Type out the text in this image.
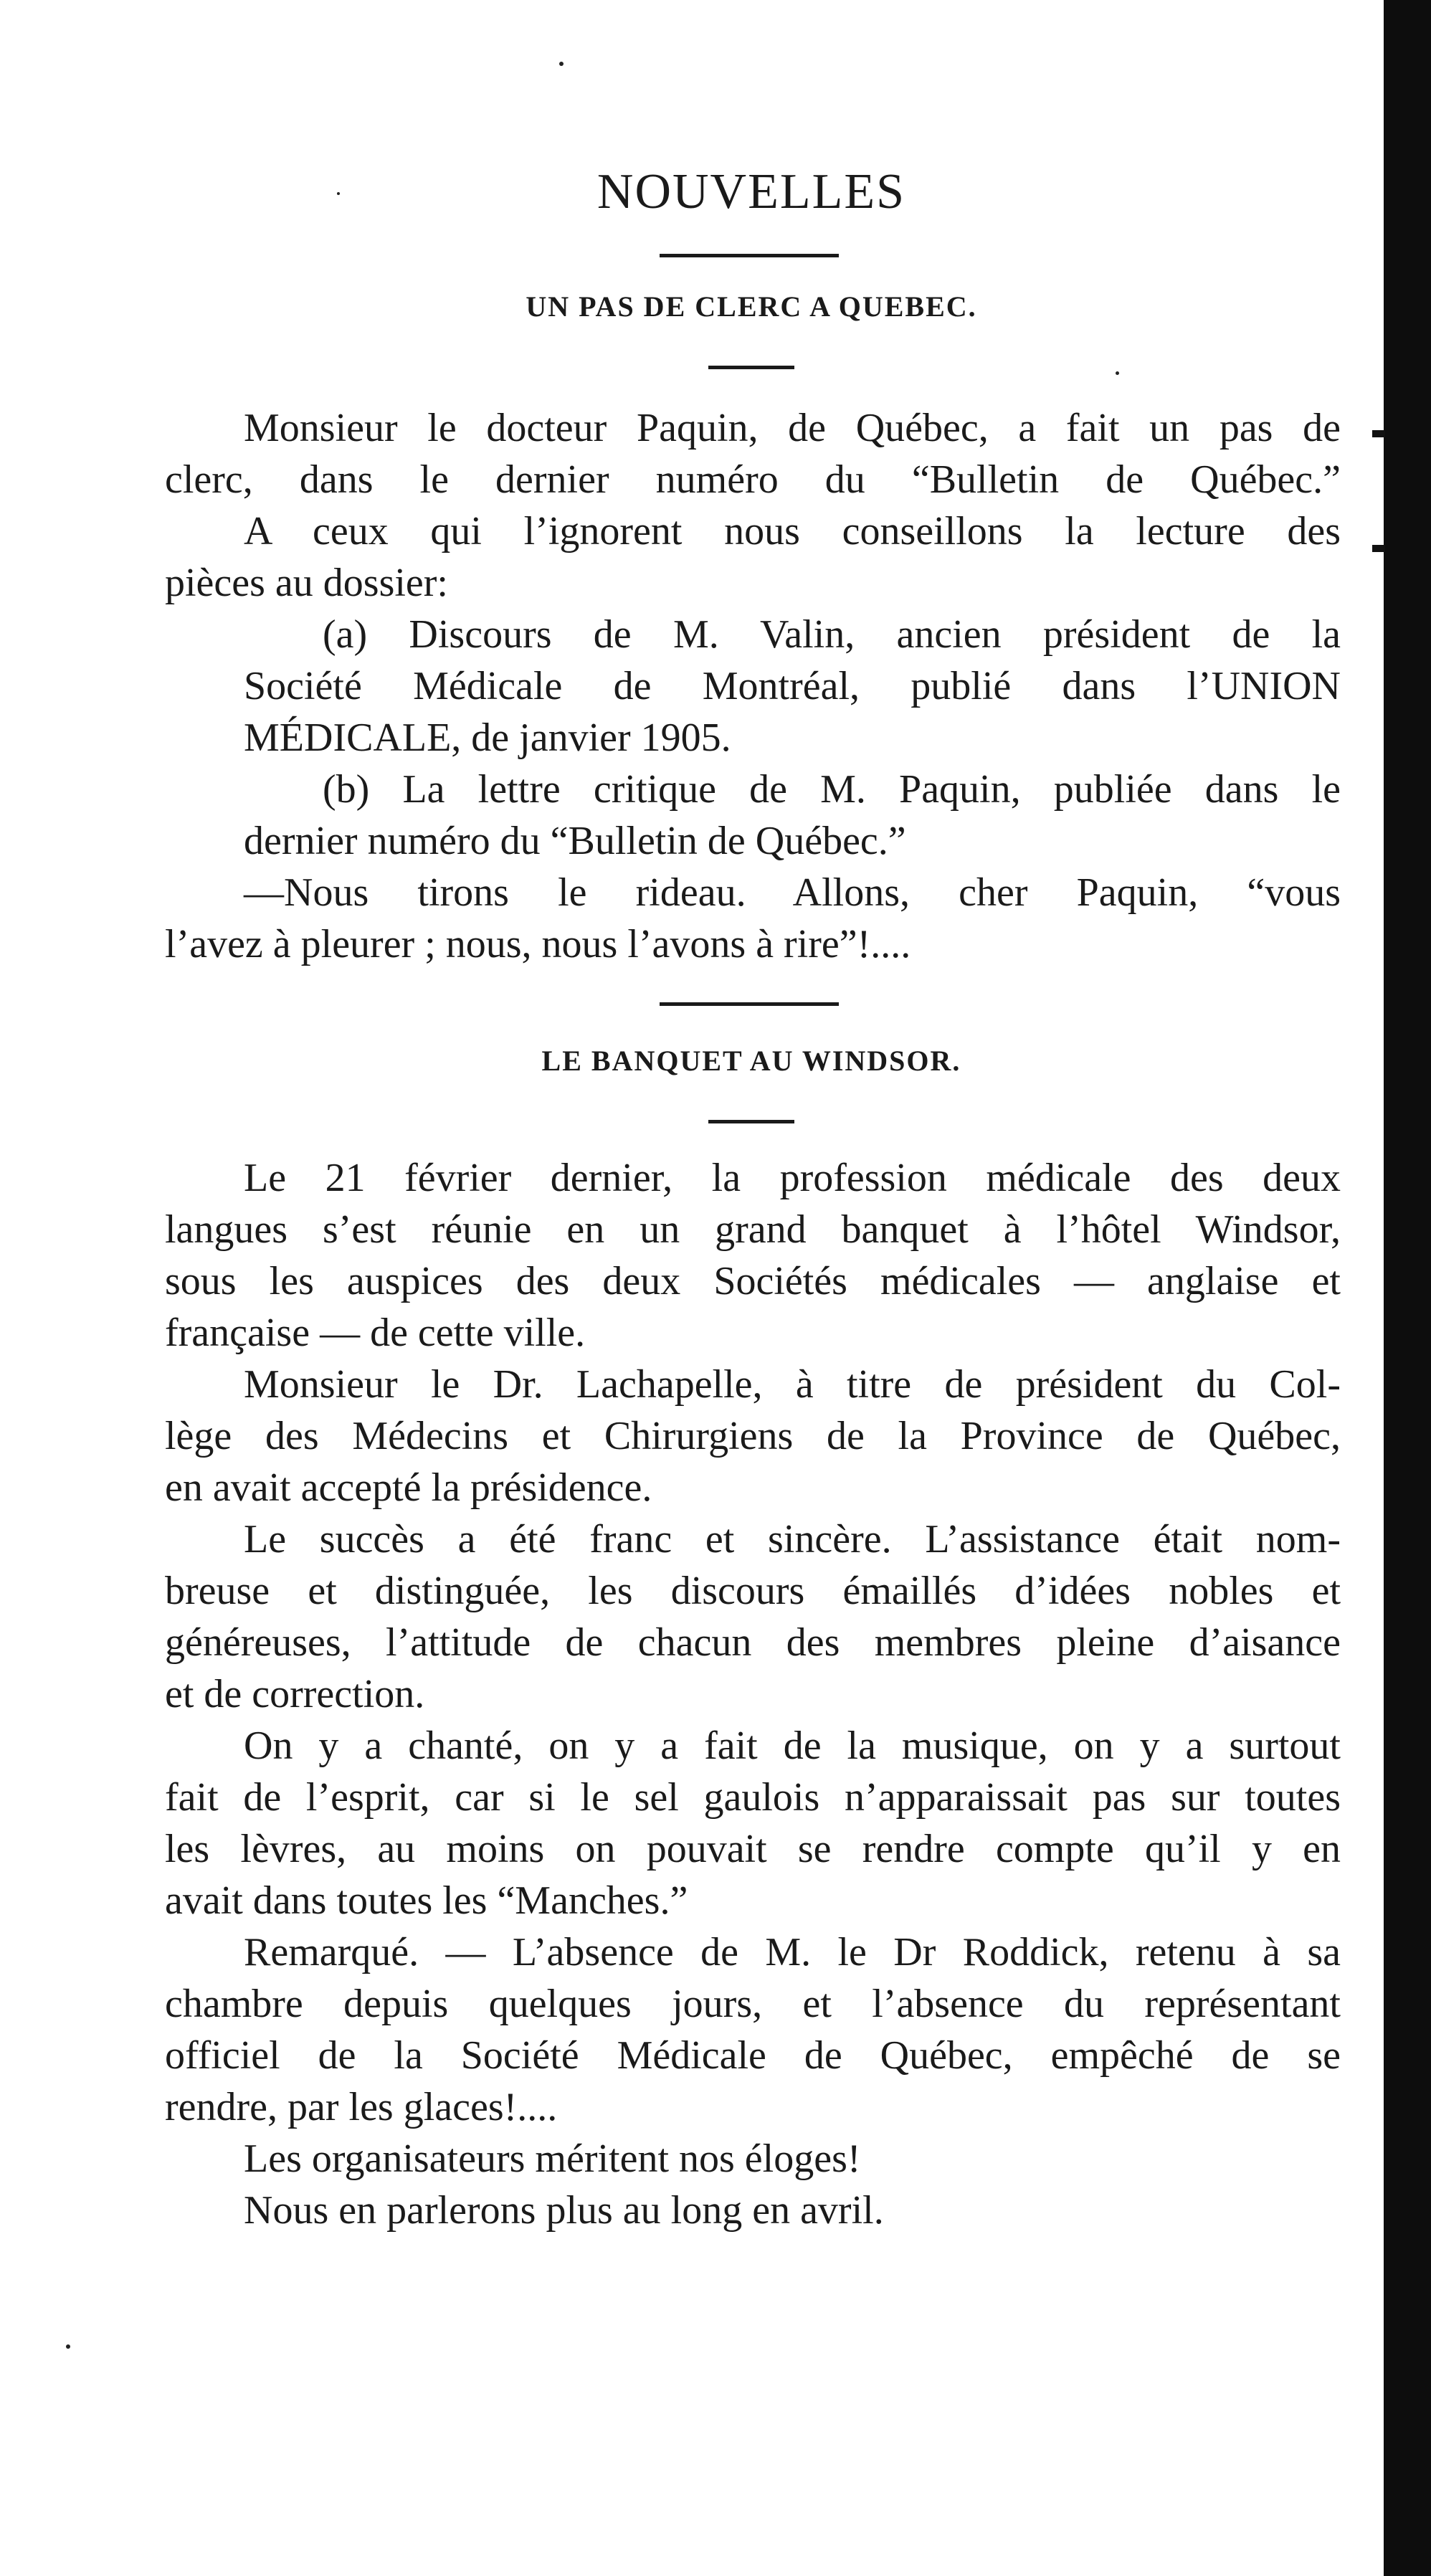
NOUVELLES
UN PAS DE CLERC A QUEBEC.
Monsieur le docteur Paquin, de Québec, a fait un pas de
clerc, dans le dernier numéro du “Bulletin de Québec.”
A ceux qui l’ignorent nous conseillons la lecture des
pièces au dossier:
(a) Discours de M. Valin, ancien président de la
Société Médicale de Montréal, publié dans l’UNION
MÉDICALE, de janvier 1905.
(b) La lettre critique de M. Paquin, publiée dans le
dernier numéro du “Bulletin de Québec.”
—Nous tirons le rideau. Allons, cher Paquin, “vous
l’avez à pleurer ; nous, nous l’avons à rire”!....
LE BANQUET AU WINDSOR.
Le 21 février dernier, la profession médicale des deux
langues s’est réunie en un grand banquet à l’hôtel Windsor,
sous les auspices des deux Sociétés médicales — anglaise et
française — de cette ville.
Monsieur le Dr. Lachapelle, à titre de président du Col-
lège des Médecins et Chirurgiens de la Province de Québec,
en avait accepté la présidence.
Le succès a été franc et sincère. L’assistance était nom-
breuse et distinguée, les discours émaillés d’idées nobles et
généreuses, l’attitude de chacun des membres pleine d’aisance
et de correction.
On y a chanté, on y a fait de la musique, on y a surtout
fait de l’esprit, car si le sel gaulois n’apparaissait pas sur toutes
les lèvres, au moins on pouvait se rendre compte qu’il y en
avait dans toutes les “Manches.”
Remarqué. — L’absence de M. le Dr Roddick, retenu à sa
chambre depuis quelques jours, et l’absence du représentant
officiel de la Société Médicale de Québec, empêché de se
rendre, par les glaces!....
Les organisateurs méritent nos éloges!
Nous en parlerons plus au long en avril.
